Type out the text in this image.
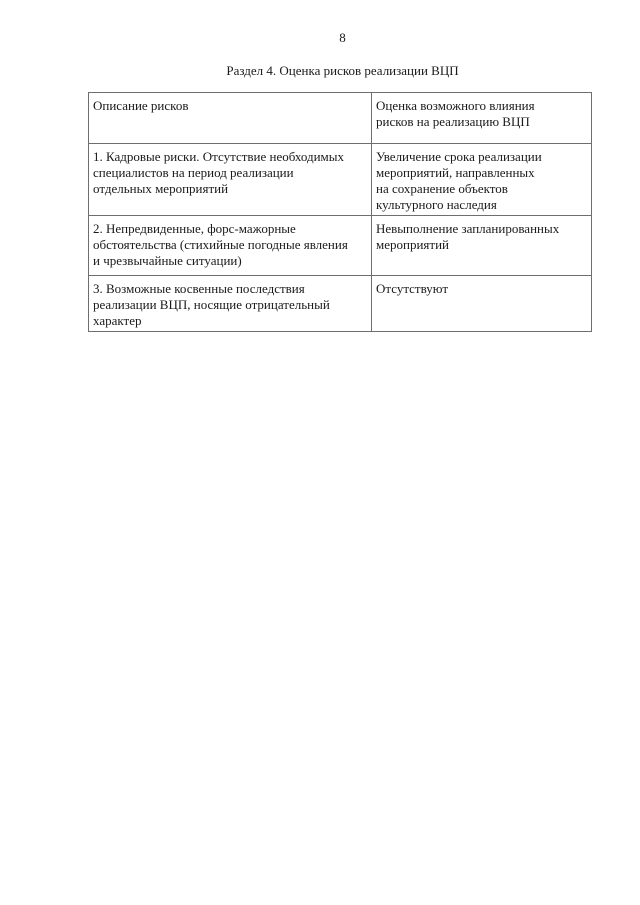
8
Раздел 4. Оценка рисков реализации ВЦП
Описание рисков	Оценка возможного влияния
рисков на реализацию ВЦП

1. Кадровые риски. Отсутствие необходимых
специалистов на период реализации
отдельных мероприятий	Увеличение срока реализации
мероприятий, направленных
на сохранение объектов
культурного наследия

2. Непредвиденные, форс-мажорные
обстоятельства (стихийные погодные явления
и чрезвычайные ситуации)	Невыполнение запланированных
мероприятий

3. Возможные косвенные последствия
реализации ВЦП, носящие отрицательный
характер	Отсутствуют
